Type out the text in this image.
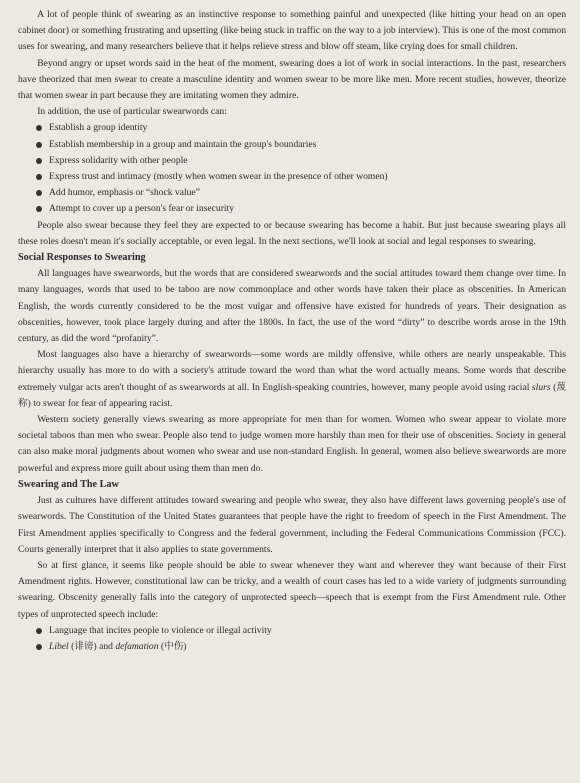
A lot of people think of swearing as an instinctive response to something painful and unexpected (like hitting your head on an open cabinet door) or something frustrating and upsetting (like being stuck in traffic on the way to a job interview). This is one of the most common uses for swearing, and many researchers believe that it helps relieve stress and blow off steam, like crying does for small children.

Beyond angry or upset words said in the heat of the moment, swearing does a lot of work in social interactions. In the past, researchers have theorized that men swear to create a masculine identity and women swear to be more like men. More recent studies, however, theorize that women swear in part because they are imitating women they admire.

In addition, the use of particular swearwords can:

Establish a group identity
Establish membership in a group and maintain the group's boundaries
Express solidarity with other people
Express trust and intimacy (mostly when women swear in the presence of other women)
Add humor, emphasis or “shock value”
Attempt to cover up a person's fear or insecurity

People also swear because they feel they are expected to or because swearing has become a habit. But just because swearing plays all these roles doesn't mean it's socially acceptable, or even legal. In the next sections, we'll look at social and legal responses to swearing.

Social Responses to Swearing

All languages have swearwords, but the words that are considered swearwords and the social attitudes toward them change over time. In many languages, words that used to be taboo are now commonplace and other words have taken their place as obscenities. In American English, the words currently considered to be the most vulgar and offensive have existed for hundreds of years. Their designation as obscenities, however, took place largely during and after the 1800s. In fact, the use of the word “dirty” to describe words arose in the 19th century, as did the word “profanity”.

Most languages also have a hierarchy of swearwords—some words are mildly offensive, while others are nearly unspeakable. This hierarchy usually has more to do with a society's attitude toward the word than what the word actually means. Some words that describe extremely vulgar acts aren't thought of as swearwords at all. In English-speaking countries, however, many people avoid using racial slurs (蔑称) to swear for fear of appearing racist.

Western society generally views swearing as more appropriate for men than for women. Women who swear appear to violate more societal taboos than men who swear. People also tend to judge women more harshly than men for their use of obscenities. Society in general can also make moral judgments about women who swear and use non-standard English. In general, women also believe swearwords are more powerful and express more guilt about using them than men do.

Swearing and The Law

Just as cultures have different attitudes toward swearing and people who swear, they also have different laws governing people's use of swearwords. The Constitution of the United States guarantees that people have the right to freedom of speech in the First Amendment. The First Amendment applies specifically to Congress and the federal government, including the Federal Communications Commission (FCC). Courts generally interpret that it also applies to state governments.

So at first glance, it seems like people should be able to swear whenever they want and wherever they want because of their First Amendment rights. However, constitutional law can be tricky, and a wealth of court cases has led to a wide variety of judgments surrounding swearing. Obscenity generally falls into the category of unprotected speech—speech that is exempt from the First Amendment rule. Other types of unprotected speech include:

Language that incites people to violence or illegal activity
Libel (诽谤) and defamation (中伤)
